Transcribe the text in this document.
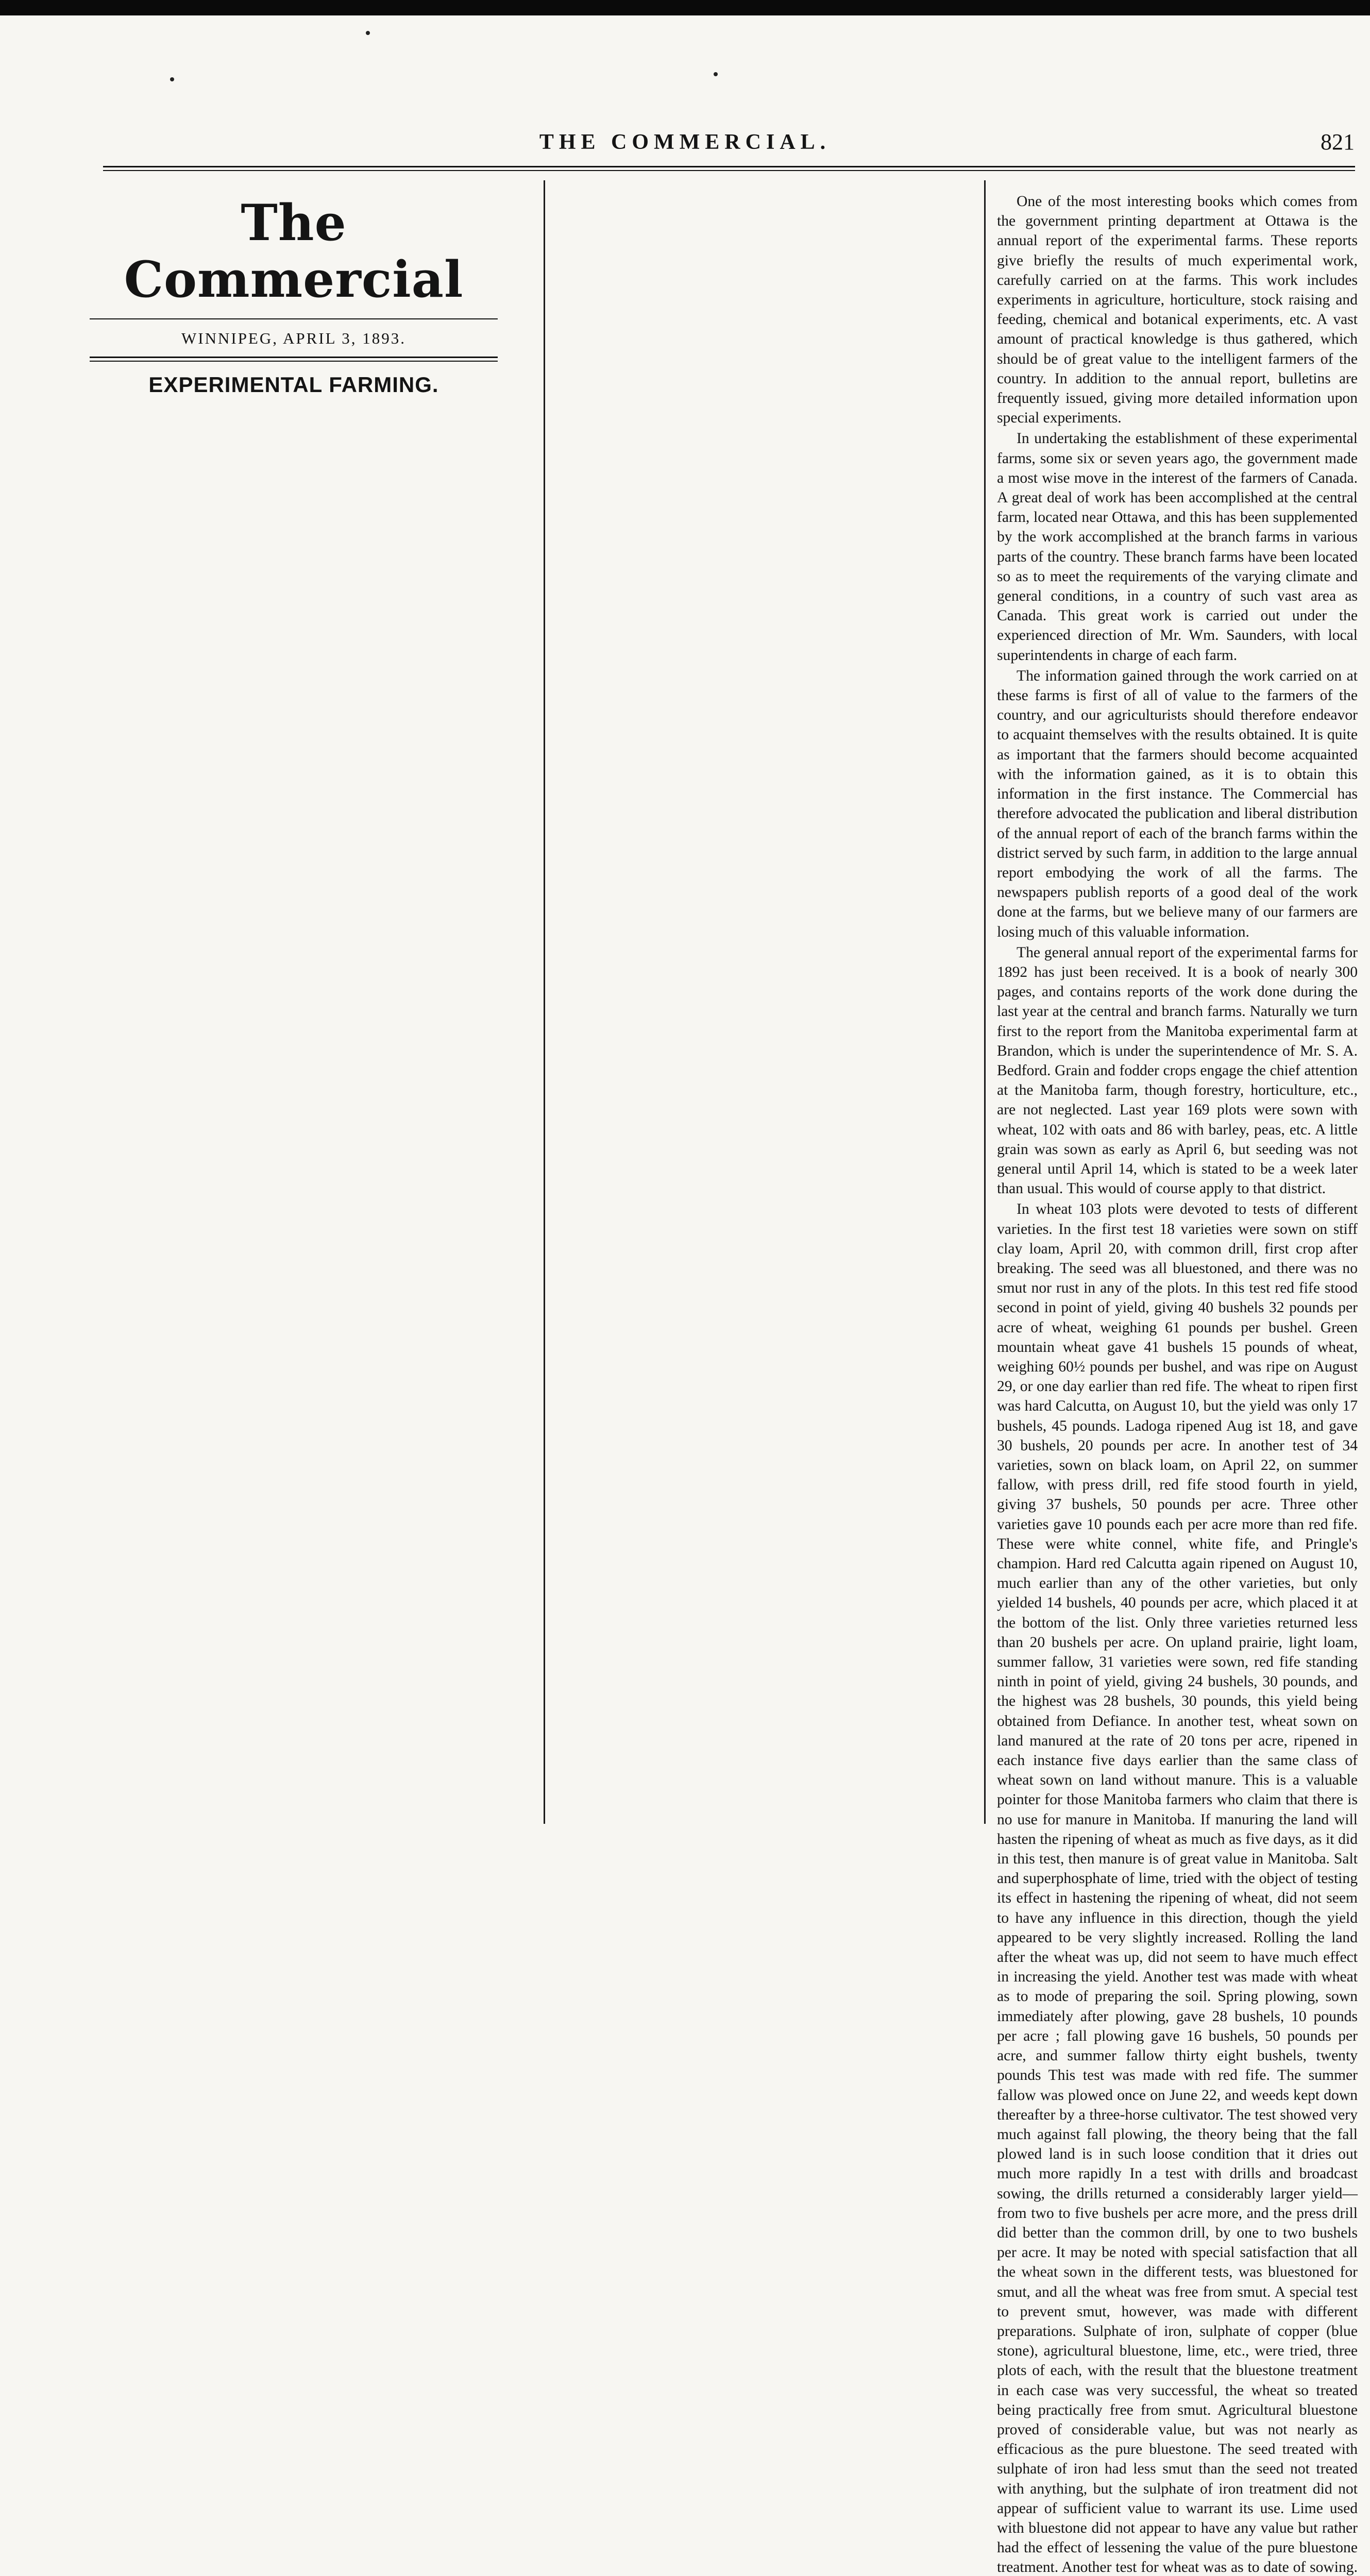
THE COMMERCIAL.	821
The Commercial
WINNIPEG, APRIL 3, 1893.
EXPERIMENTAL FARMING.

One of the most interesting books which comes from the government printing department at Ottawa is the annual report of the experimental farms. These reports give briefly the results of much experimental work, carefully carried on at the farms. This work includes experiments in agriculture, horticulture, stock raising and feeding, chemical and botanical experiments, etc. A vast amount of practical knowledge is thus gathered, which should be of great value to the intelligent farmers of the country. In addition to the annual report, bulletins are frequently issued, giving more detailed information upon special experiments.

In undertaking the establishment of these experimental farms, some six or seven years ago, the government made a most wise move in the interest of the farmers of Canada. A great deal of work has been accomplished at the central farm, located near Ottawa, and this has been supplemented by the work accomplished at the branch farms in various parts of the country. These branch farms have been located so as to meet the requirements of the varying climate and general conditions, in a country of such vast area as Canada. This great work is carried out under the experienced direction of Mr. Wm. Saunders, with local superintendents in charge of each farm.

The information gained through the work carried on at these farms is first of all of value to the farmers of the country, and our agriculturists should therefore endeavor to acquaint themselves with the results obtained. It is quite as important that the farmers should become acquainted with the information gained, as it is to obtain this information in the first instance. The Commercial has therefore advocated the publication and liberal distribution of the annual report of each of the branch farms within the district served by such farm, in addition to the large annual report embodying the work of all the farms. The newspapers publish reports of a good deal of the work done at the farms, but we believe many of our farmers are losing much of this valuable information.

The general annual report of the experimental farms for 1892 has just been received. It is a book of nearly 300 pages, and contains reports of the work done during the last year at the central and branch farms. Naturally we turn first to the report from the Manitoba experimental farm at Brandon, which is under the superintendence of Mr. S. A. Bedford. Grain and fodder crops engage the chief attention at the Manitoba farm, though forestry, horticulture, etc., are not neglected. Last year 169 plots were sown with wheat, 102 with oats and 86 with barley, peas, etc. A little grain was sown as early as April 6, but seeding was not general until April 14, which is stated to be a week later than usual. This would of course apply to that district.

In wheat 103 plots were devoted to tests of different varieties. In the first test 18 varieties were sown on stiff clay loam, April 20, with common drill, first crop after breaking. The seed was all bluestoned, and there was no smut nor rust in any of the plots. In this test red fife stood second in point of yield, giving 40 bushels 32 pounds per acre of wheat, weighing 61 pounds per bushel. Green mountain wheat gave 41 bushels 15 pounds of wheat, weighing 60½ pounds per bushel, and was ripe on August 29, or one day earlier than red fife. The wheat to ripen first was hard Calcutta, on August 10, but the yield was only 17 bushels, 45 pounds. Ladoga ripened Aug ist 18, and gave 30 bushels, 20 pounds per acre. In another test of 34 varieties, sown on black loam, on April 22, on summer fallow, with press drill, red fife stood fourth in yield, giving 37 bushels, 50 pounds per acre. Three other varieties gave 10 pounds each per acre more than red fife. These were white connel, white fife, and Pringle's champion. Hard red Calcutta again ripened on August 10, much earlier than any of the other varieties, but only yielded 14 bushels, 40 pounds per acre, which placed it at the bottom of the list. Only three varieties returned less than 20 bushels per acre. On upland prairie, light loam, summer fallow, 31 varieties were sown, red fife standing ninth in point of yield, giving 24 bushels, 30 pounds, and the highest was 28 bushels, 30 pounds, this yield being obtained from Defiance. In another test, wheat sown on land manured at the rate of 20 tons per acre, ripened in each instance five days earlier than the same class of wheat sown on land without manure. This is a valuable pointer for those Manitoba farmers who claim that there is no use for manure in Manitoba. If manuring the land will hasten the ripening of wheat as much as five days, as it did in this test, then manure is of great value in Manitoba. Salt and superphosphate of lime, tried with the object of testing its effect in hastening the ripening of wheat, did not seem to have any influence in this direction, though the yield appeared to be very slightly increased. Rolling the land after the wheat was up, did not seem to have much effect in increasing the yield. Another test was made with wheat as to mode of preparing the soil. Spring plowing, sown immediately after plowing, gave 28 bushels, 10 pounds per acre ; fall plowing gave 16 bushels, 50 pounds per acre, and summer fallow thirty eight bushels, twenty pounds This test was made with red fife. The summer fallow was plowed once on June 22, and weeds kept down thereafter by a three-horse cultivator. The test showed very much against fall plowing, the theory being that the fall plowed land is in such loose condition that it dries out much more rapidly In a test with drills and broadcast sowing, the drills returned a considerably larger yield—from two to five bushels per acre more, and the press drill did better than the common drill, by one to two bushels per acre. It may be noted with special satisfaction that all the wheat sown in the different tests, was bluestoned for smut, and all the wheat was free from smut. A special test to prevent smut, however, was made with different preparations. Sulphate of iron, sulphate of copper (blue stone), agricultural bluestone, lime, etc., were tried, three plots of each, with the result that the bluestone treatment in each case was very successful, the wheat so treated being practically free from smut. Agricultural bluestone proved of considerable value, but was not nearly as efficacious as the pure bluestone. The seed treated with sulphate of iron had less smut than the seed not treated with anything, but the sulphate of iron treatment did not appear of sufficient value to warrant its use. Lime used with bluestone did not appear to have any value but rather had the effect of lessening the value of the pure bluestone treatment. Another test for wheat was as to date of sowing.
